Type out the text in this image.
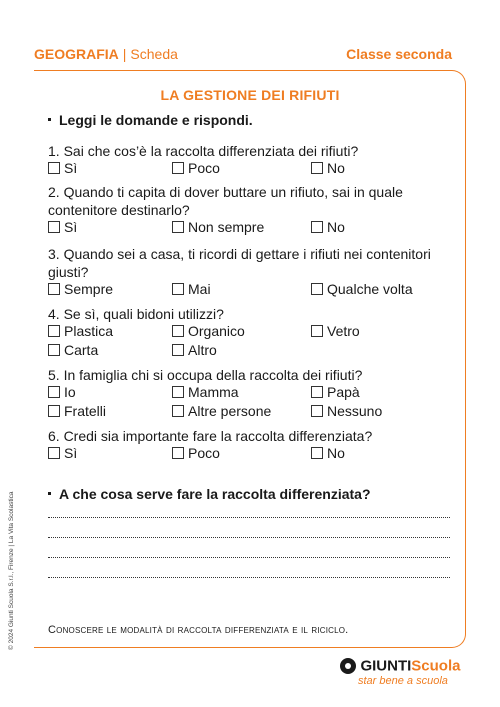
GEOGRAFIA | Scheda	Classe seconda
LA GESTIONE DEI RIFIUTI
Leggi le domande e rispondi.
1. Sai che cos’è la raccolta differenziata dei rifiuti?
Sì	Poco	No
2. Quando ti capita di dover buttare un rifiuto, sai in quale contenitore destinarlo?
Sì	Non sempre	No
3. Quando sei a casa, ti ricordi di gettare i rifiuti nei contenitori giusti?
Sempre	Mai	Qualche volta
4. Se sì, quali bidoni utilizzi?
Plastica	Organico	Vetro
Carta	Altro
5. In famiglia chi si occupa della raccolta dei rifiuti?
Io	Mamma	Papà
Fratelli	Altre persone	Nessuno
6. Credi sia importante fare la raccolta differenziata?
Sì	Poco	No
A che cosa serve fare la raccolta differenziata?
Conoscere le modalità di raccolta differenziata e il riciclo.
© 2024 Giunti Scuola S.r.l., Firenze | La Vita Scolastica
GIUNTIScuola
star bene a scuola
